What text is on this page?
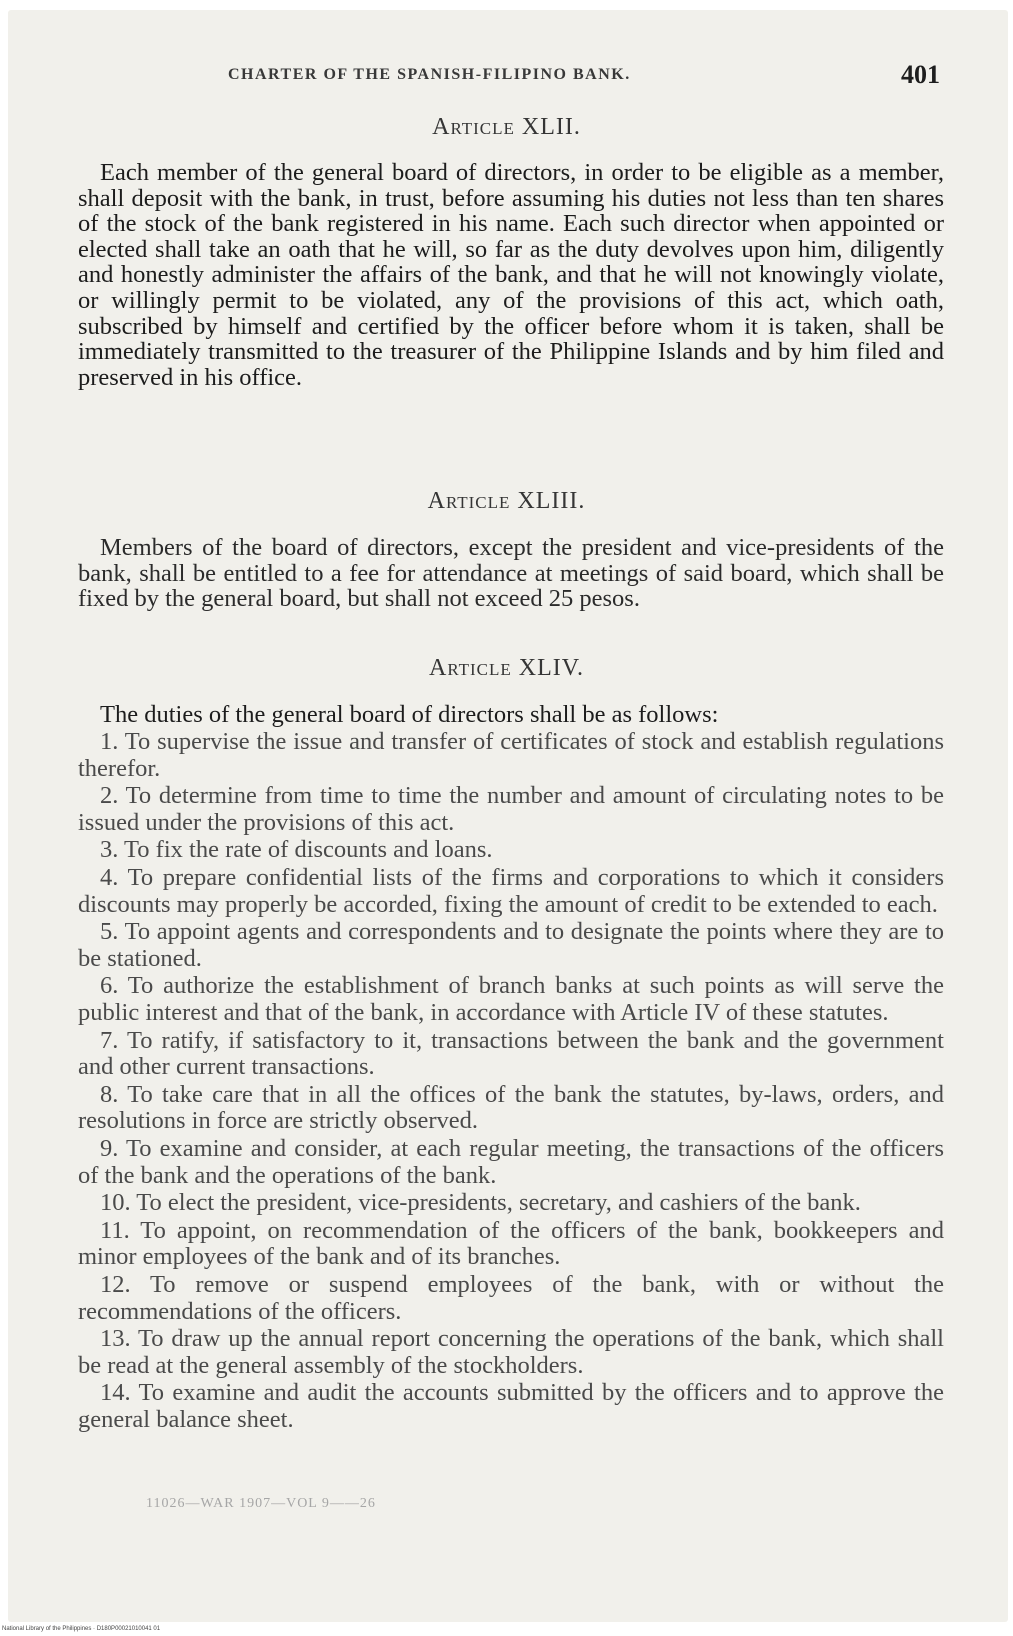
CHARTER OF THE SPANISH-FILIPINO BANK.	401
Article XLII.

Each member of the general board of directors, in order to be eligible as a member, shall deposit with the bank, in trust, before assuming his duties not less than ten shares of the stock of the bank registered in his name. Each such director when appointed or elected shall take an oath that he will, so far as the duty devolves upon him, diligently and honestly administer the affairs of the bank, and that he will not knowingly violate, or willingly permit to be violated, any of the provisions of this act, which oath, subscribed by himself and certified by the officer before whom it is taken, shall be immediately transmitted to the treasurer of the Philippine Islands and by him filed and preserved in his office.

Article XLIII.

Members of the board of directors, except the president and vice-presidents of the bank, shall be entitled to a fee for attendance at meetings of said board, which shall be fixed by the general board, but shall not exceed 25 pesos.

Article XLIV.

The duties of the general board of directors shall be as follows:

1. To supervise the issue and transfer of certificates of stock and establish regulations therefor.

2. To determine from time to time the number and amount of circulating notes to be issued under the provisions of this act.

3. To fix the rate of discounts and loans.

4. To prepare confidential lists of the firms and corporations to which it considers discounts may properly be accorded, fixing the amount of credit to be extended to each.

5. To appoint agents and correspondents and to designate the points where they are to be stationed.

6. To authorize the establishment of branch banks at such points as will serve the public interest and that of the bank, in accordance with Article IV of these statutes.

7. To ratify, if satisfactory to it, transactions between the bank and the government and other current transactions.

8. To take care that in all the offices of the bank the statutes, by-laws, orders, and resolutions in force are strictly observed.

9. To examine and consider, at each regular meeting, the transactions of the officers of the bank and the operations of the bank.

10. To elect the president, vice-presidents, secretary, and cashiers of the bank.

11. To appoint, on recommendation of the officers of the bank, bookkeepers and minor employees of the bank and of its branches.

12. To remove or suspend employees of the bank, with or without the recommendations of the officers.

13. To draw up the annual report concerning the operations of the bank, which shall be read at the general assembly of the stockholders.

14. To examine and audit the accounts submitted by the officers and to approve the general balance sheet.

11026—WAR 1907—VOL 9——26
National Library of the Philippines · D180P00021010041 01
